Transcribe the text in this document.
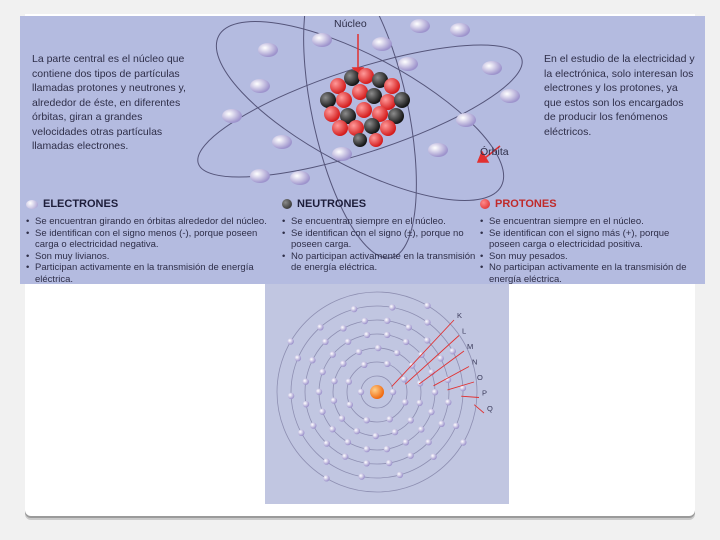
Núcleo
Órbita
La parte central es el núcleo que contiene dos tipos de partículas llamadas protones y neutrones y, alrededor de éste, en diferentes órbitas, giran a grandes velocidades otras partículas llamadas electrones.
En el estudio de la electricidad y la electrónica, solo interesan los electrones y los protones, ya que estos son los encargados de producir los fenómenos eléctricos.
ELECTRONES
• Se encuentran girando en órbitas alrededor del núcleo.
• Se identifican con el signo menos (-), porque poseen carga o electricidad negativa.
• Son muy livianos.
• Participan activamente en la transmisión de energía eléctrica.
NEUTRONES
• Se encuentran siempre en el núcleo.
• Se identifican con el signo (±), porque no poseen carga.
• No participan activamente en la transmisión de energía eléctrica.
PROTONES
• Se encuentran siempre en el núcleo.
• Se identifican con el signo más (+), porque poseen carga o electricidad positiva.
• Son muy pesados.
• No participan activamente en la transmisión de energía eléctrica.
K
L
M
N
O
P
Q
